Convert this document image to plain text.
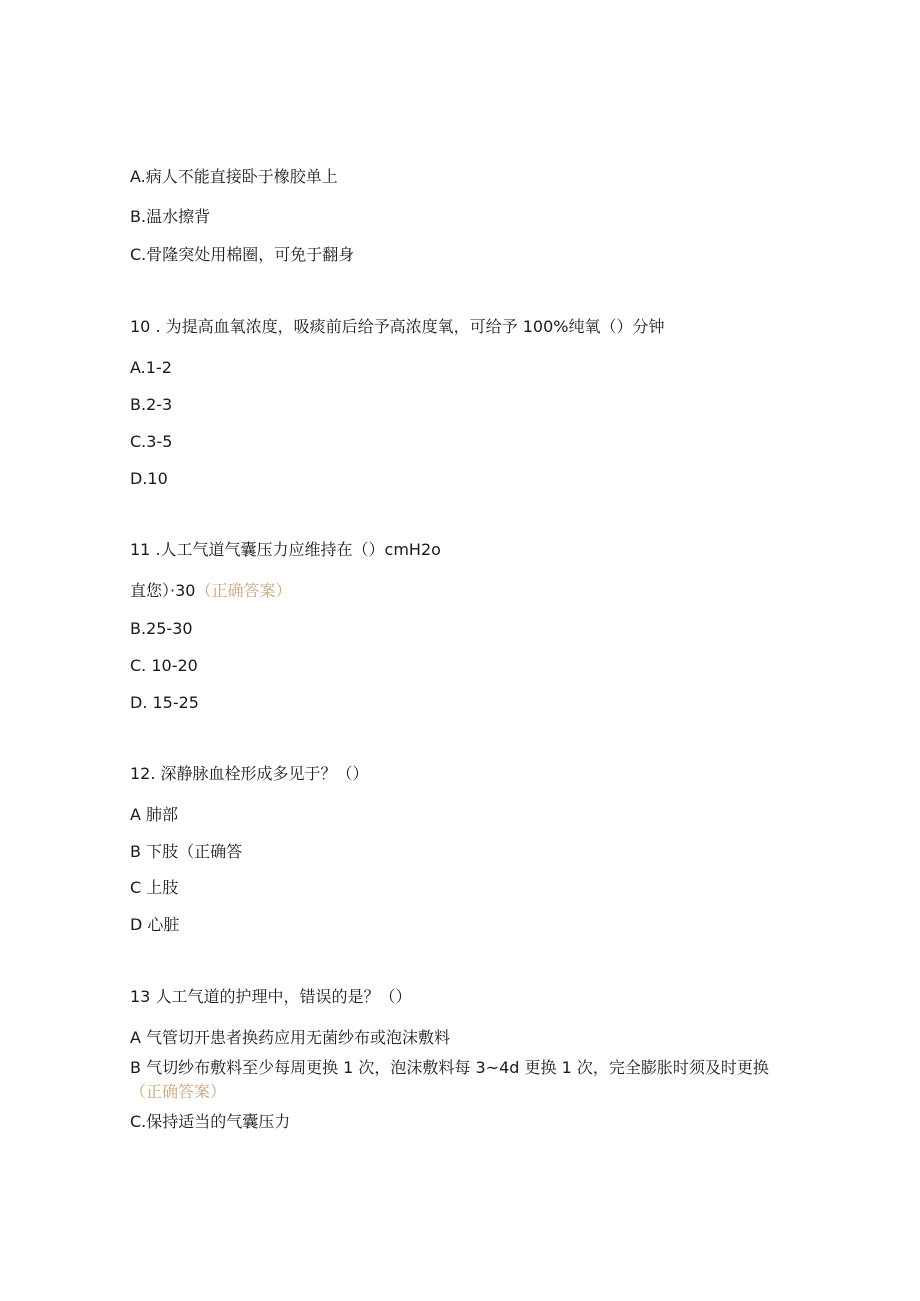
A.病人不能直接卧于橡胶单上
B.温水擦背
C.骨隆突处用棉圈，可免于翻身
10 . 为提高血氧浓度，吸痰前后给予高浓度氧，可给予 100%纯氧（）分钟
A.1-2
B.2-3
C.3-5
D.10
11 .人工气道气囊压力应维持在（）cmH2o
直您）·30（正确答案）
B.25-30
C. 10-20
D. 15-25
12. 深静脉血栓形成多见于？（）
A 肺部
B 下肢（正确答
C 上肢
D 心脏
13 人工气道的护理中，错误的是？（）
A 气管切开患者换药应用无菌纱布或泡沫敷料
B 气切纱布敷料至少每周更换 1 次，泡沫敷料每 3~4d 更换 1 次，完全膨胀时须及时更换（正确答案）
C.保持适当的气囊压力
